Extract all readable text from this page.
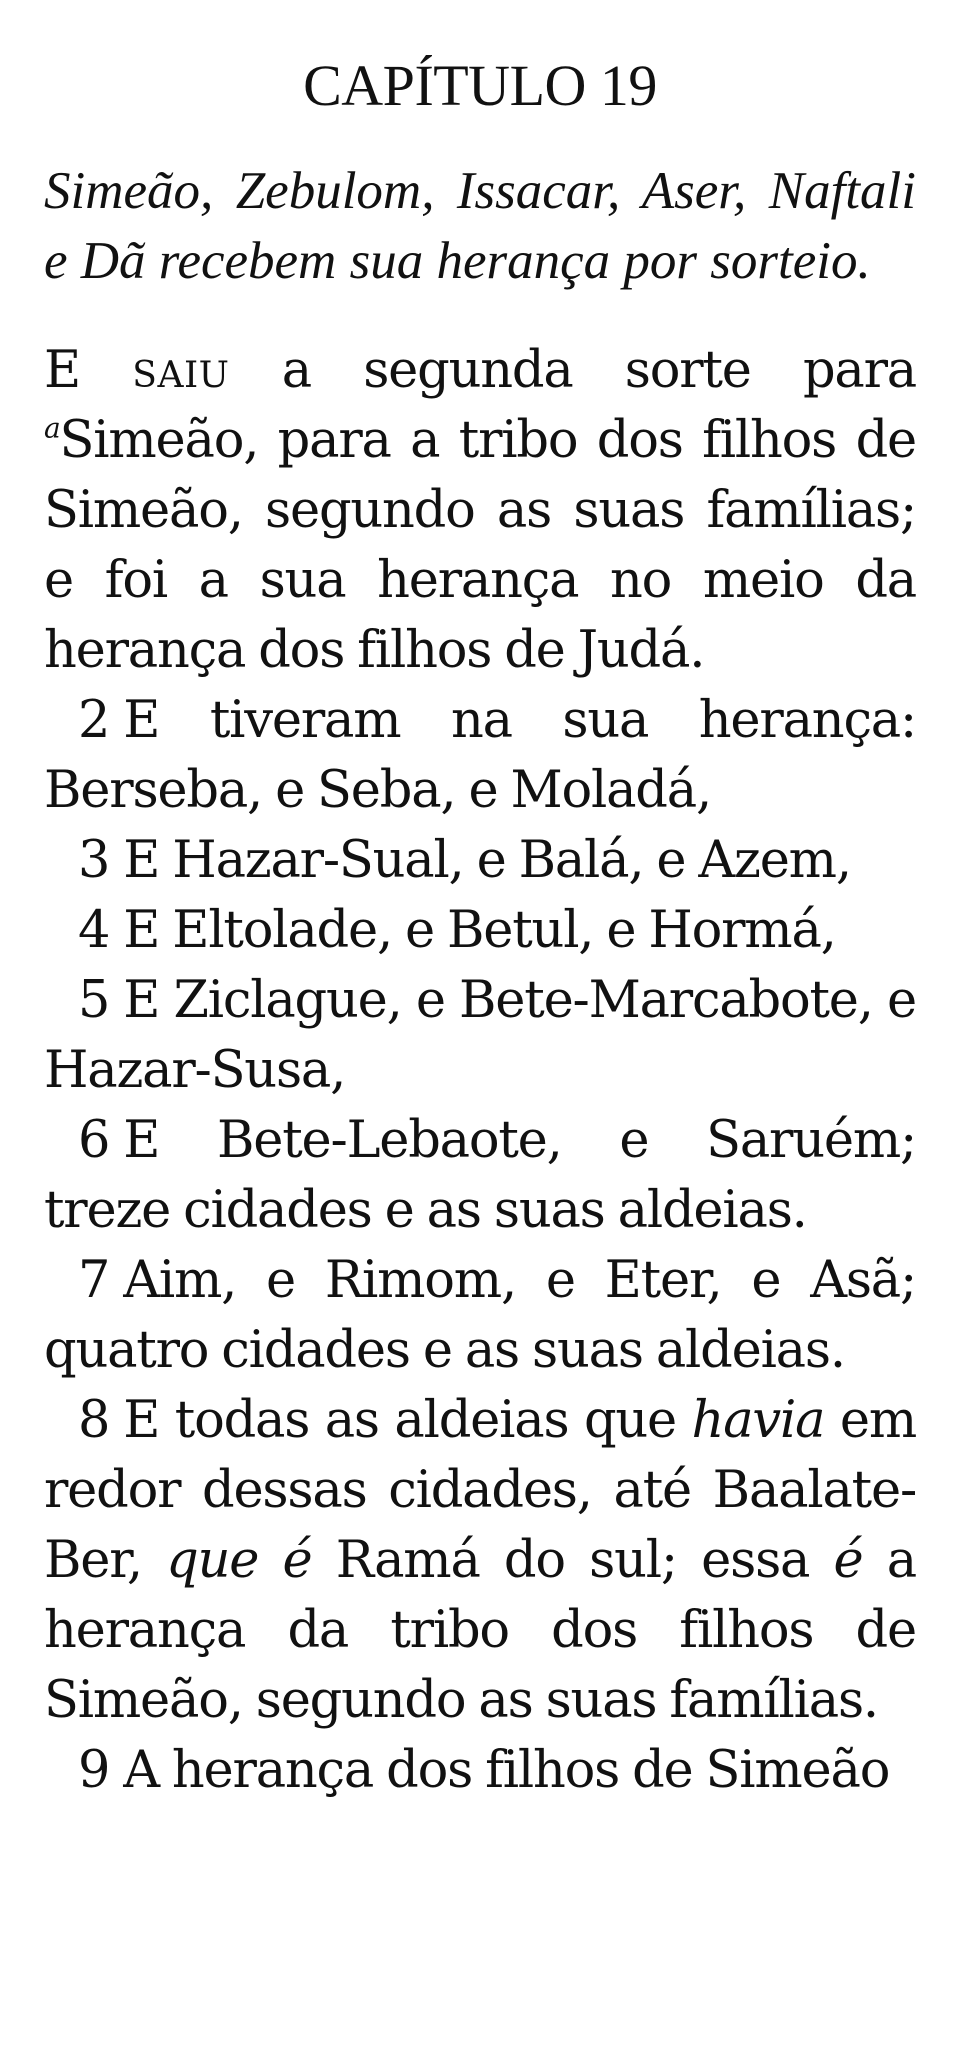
CAPÍTULO 19

Simeão, Zebulom, Issacar, Aser, Naftali e Dã recebem sua herança por sorteio.

E saiu a segunda sorte para $^a$Simeão, para a tribo dos filhos de Simeão, segundo as suas famílias; e foi a sua herança no meio da herança dos filhos de Judá.

2 E tiveram na sua herança: Berseba, e Seba, e Moladá,

3 E Hazar-Sual, e Balá, e Azem,

4 E Eltolade, e Betul, e Hormá,

5 E Ziclague, e Bete-Marcabote, e Hazar-Susa,

6 E Bete-Lebaote, e Saruém; treze cidades e as suas aldeias.

7 Aim, e Rimom, e Eter, e Asã; quatro cidades e as suas aldeias.

8 E todas as aldeias que havia em redor dessas cidades, até Baalate-Ber, que é Ramá do sul; essa é a herança da tribo dos filhos de Simeão, segundo as suas famílias.

9 A herança dos filhos de Simeão
